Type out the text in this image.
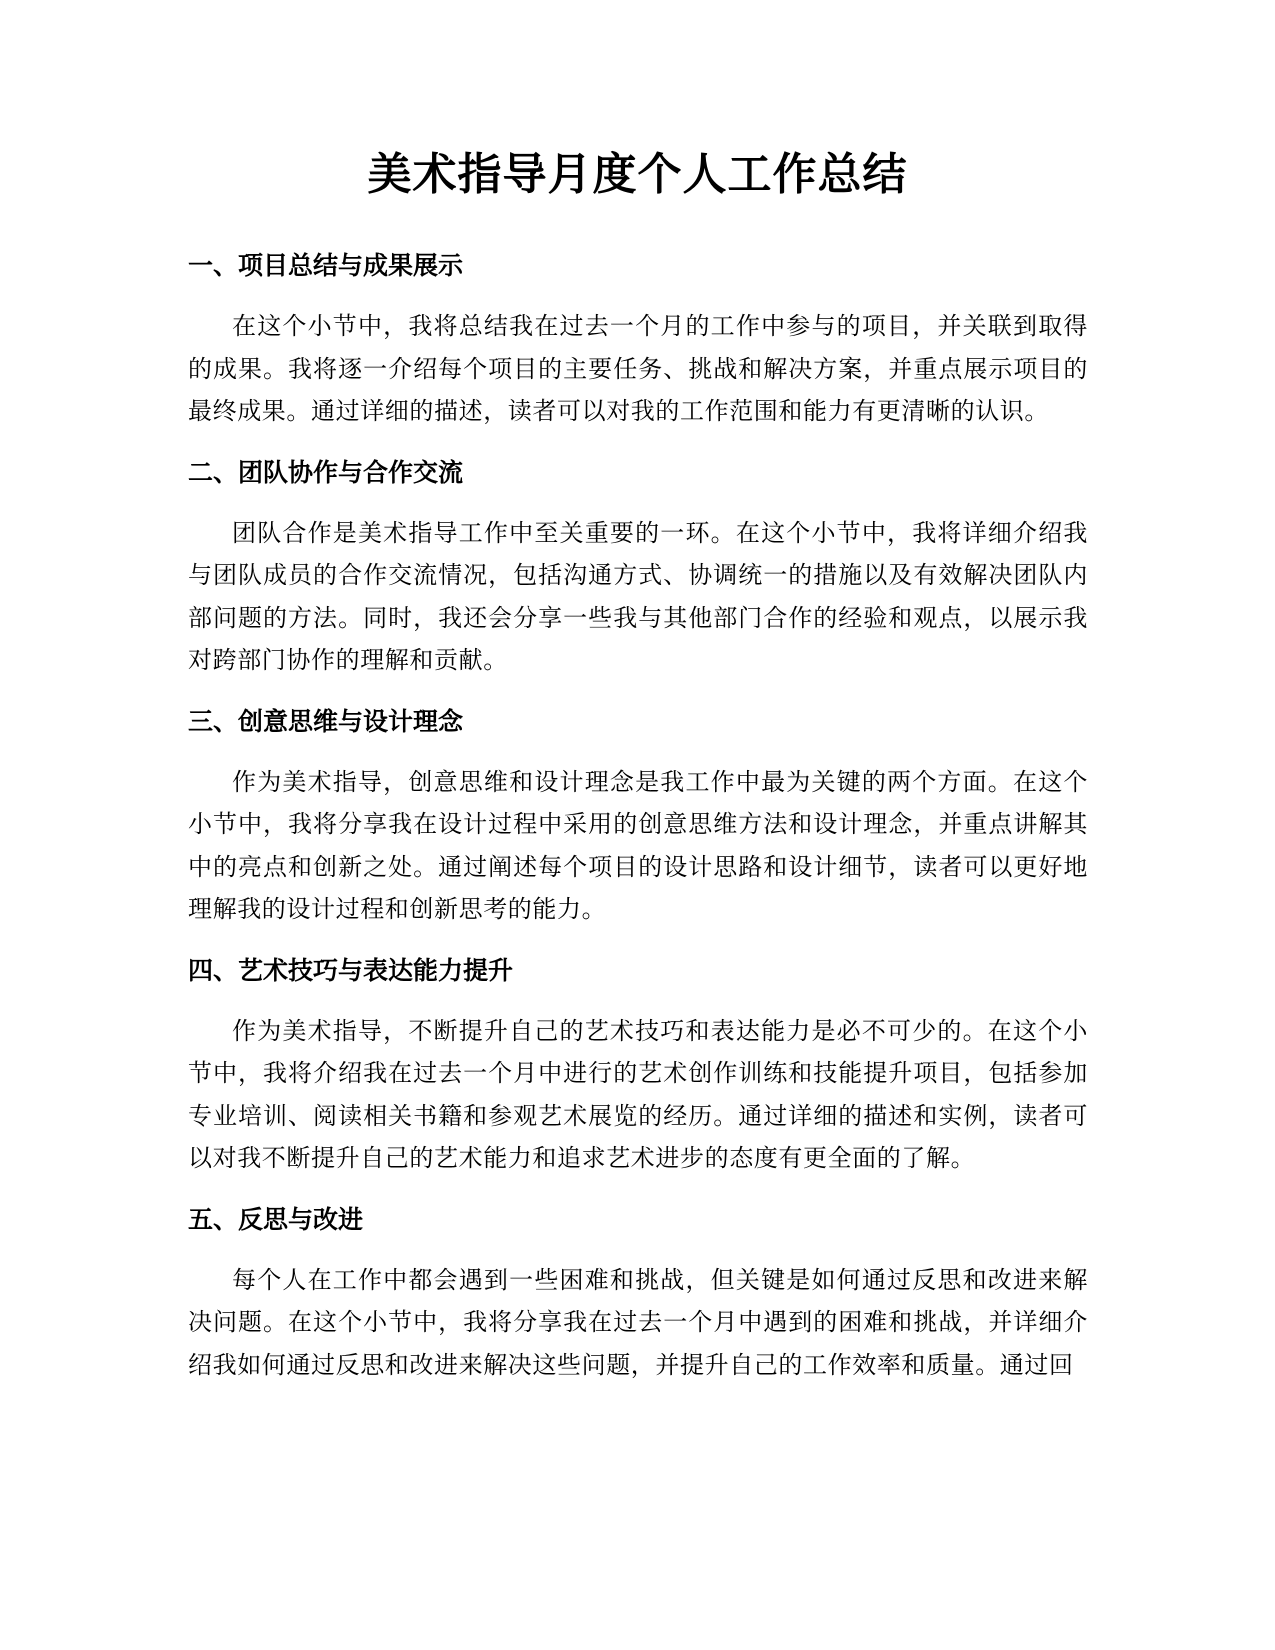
美术指导月度个人工作总结
一、项目总结与成果展示

在这个小节中，我将总结我在过去一个月的工作中参与的项目，并关联到取得的成果。我将逐一介绍每个项目的主要任务、挑战和解决方案，并重点展示项目的最终成果。通过详细的描述，读者可以对我的工作范围和能力有更清晰的认识。

二、团队协作与合作交流

团队合作是美术指导工作中至关重要的一环。在这个小节中，我将详细介绍我与团队成员的合作交流情况，包括沟通方式、协调统一的措施以及有效解决团队内部问题的方法。同时，我还会分享一些我与其他部门合作的经验和观点，以展示我对跨部门协作的理解和贡献。

三、创意思维与设计理念

作为美术指导，创意思维和设计理念是我工作中最为关键的两个方面。在这个小节中，我将分享我在设计过程中采用的创意思维方法和设计理念，并重点讲解其中的亮点和创新之处。通过阐述每个项目的设计思路和设计细节，读者可以更好地理解我的设计过程和创新思考的能力。

四、艺术技巧与表达能力提升

作为美术指导，不断提升自己的艺术技巧和表达能力是必不可少的。在这个小节中，我将介绍我在过去一个月中进行的艺术创作训练和技能提升项目，包括参加专业培训、阅读相关书籍和参观艺术展览的经历。通过详细的描述和实例，读者可以对我不断提升自己的艺术能力和追求艺术进步的态度有更全面的了解。

五、反思与改进

每个人在工作中都会遇到一些困难和挑战，但关键是如何通过反思和改进来解决问题。在这个小节中，我将分享我在过去一个月中遇到的困难和挑战，并详细介绍我如何通过反思和改进来解决这些问题，并提升自己的工作效率和质量。通过回
